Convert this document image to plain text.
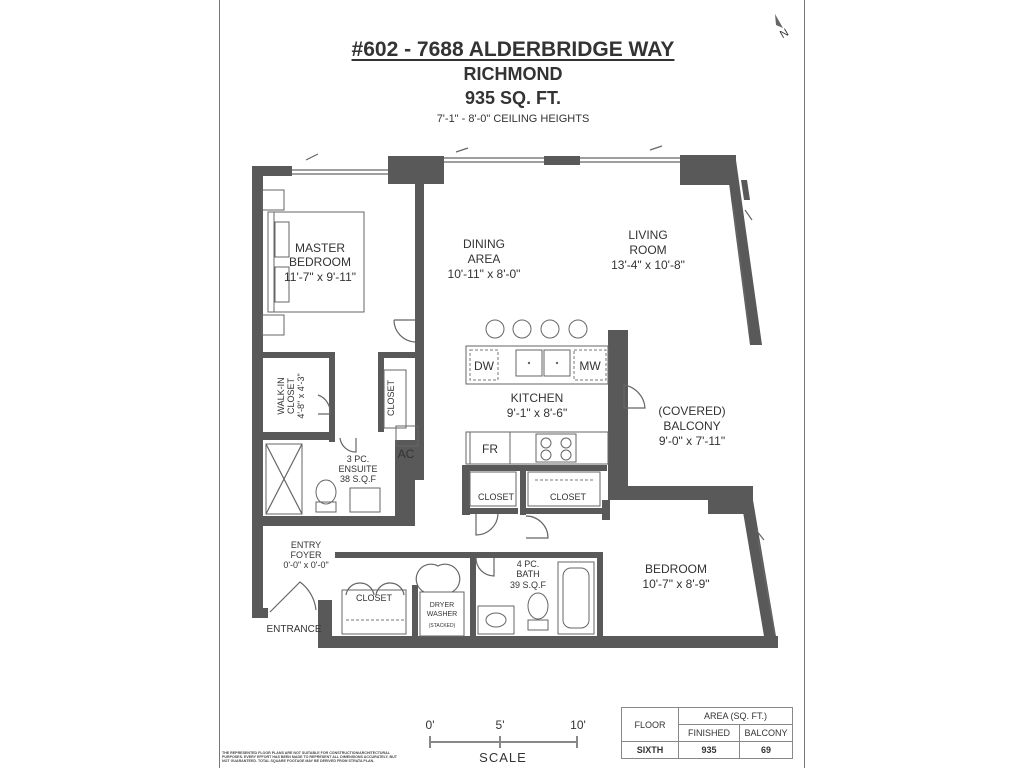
#602 - 7688 ALDERBRIDGE WAY
RICHMOND
935 SQ. FT.
7'-1" - 8'-0" CEILING HEIGHTS
N
MASTER
BEDROOM
11'-7" x 9'-11"
DINING
AREA
10'-11" x 8'-0"
LIVING
ROOM
13'-4" x 10'-8"
WALK-IN CLOSET 4'-8" x 4'-3"	CLOSET	KITCHEN
9'-1" x 8'-6"
DW	MW
FR
AC
(COVERED)
BALCONY
9'-0" x 7'-11"
3 PC.
ENSUITE
38 S.Q.F
CLOSET	CLOSET
ENTRY
FOYER
0'-0" x 0'-0"
CLOSET
DRYER
WASHER
(STACKED)
4 PC.
BATH
39 S.Q.F
BEDROOM
10'-7" x 8'-9"
ENTRANCE
0'	5'	10'
SCALE
FLOOR	AREA (SQ. FT.)	
	FINISHED	BALCONY
SIXTH	935	69
THE REPRESENTED FLOOR PLANS ARE NOT SUITABLE FOR CONSTRUCTION/ARCHITECTURAL PURPOSES. EVERY EFFORT HAS BEEN MADE TO REPRESENT ALL DIMENSIONS ACCURATELY, BUT NOT GUARANTEED. TOTAL SQUARE FOOTAGE MAY BE DERIVED FROM STRATA PLAN.
